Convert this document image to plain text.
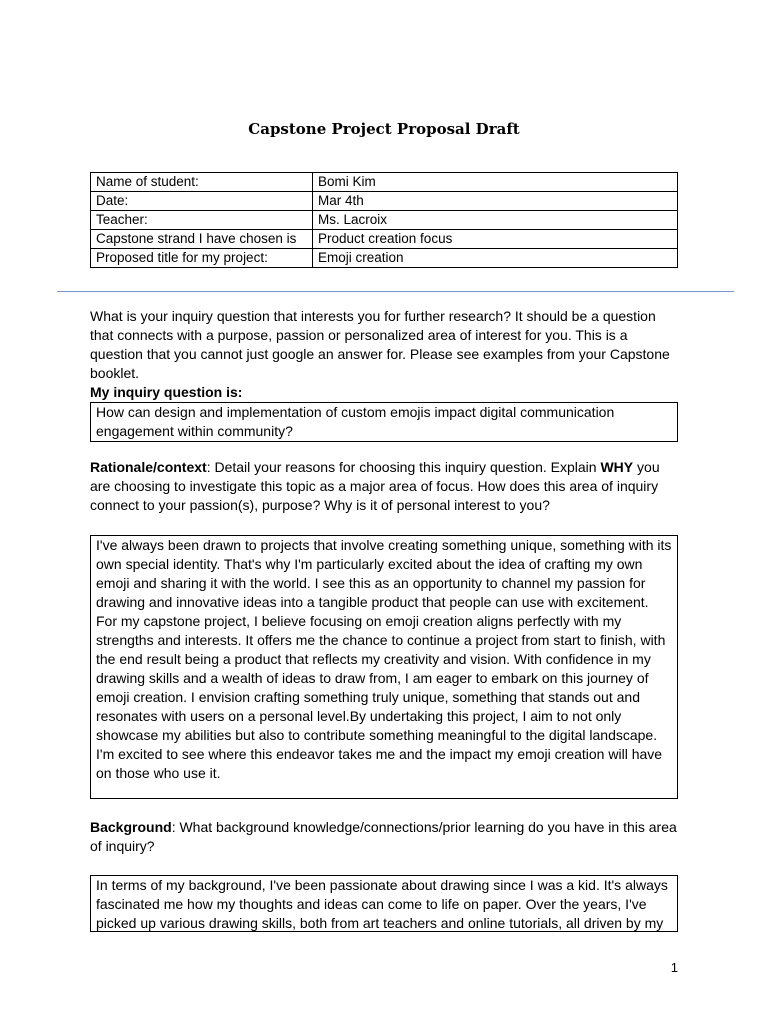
Capstone Project Proposal Draft
Name of student:	Bomi Kim
Date:	Mar 4th
Teacher:	Ms. Lacroix
Capstone strand I have chosen is	Product creation focus
Proposed title for my project:	Emoji creation
What is your inquiry question that interests you for further research? It should be a question that connects with a purpose, passion or personalized area of interest for you. This is a question that you cannot just google an answer for. Please see examples from your Capstone booklet.
My inquiry question is:
How can design and implementation of custom emojis impact digital communication engagement within community?
Rationale/context: Detail your reasons for choosing this inquiry question. Explain WHY you are choosing to investigate this topic as a major area of focus. How does this area of inquiry connect to your passion(s), purpose? Why is it of personal interest to you?
I've always been drawn to projects that involve creating something unique, something with its own special identity. That's why I'm particularly excited about the idea of crafting my own emoji and sharing it with the world. I see this as an opportunity to channel my passion for drawing and innovative ideas into a tangible product that people can use with excitement. For my capstone project, I believe focusing on emoji creation aligns perfectly with my strengths and interests. It offers me the chance to continue a project from start to finish, with the end result being a product that reflects my creativity and vision. With confidence in my drawing skills and a wealth of ideas to draw from, I am eager to embark on this journey of emoji creation. I envision crafting something truly unique, something that stands out and resonates with users on a personal level.By undertaking this project, I aim to not only showcase my abilities but also to contribute something meaningful to the digital landscape. I'm excited to see where this endeavor takes me and the impact my emoji creation will have on those who use it.
Background: What background knowledge/connections/prior learning do you have in this area of inquiry?
In terms of my background, I've been passionate about drawing since I was a kid. It's always fascinated me how my thoughts and ideas can come to life on paper. Over the years, I've picked up various drawing skills, both from art teachers and online tutorials, all driven by my
1
